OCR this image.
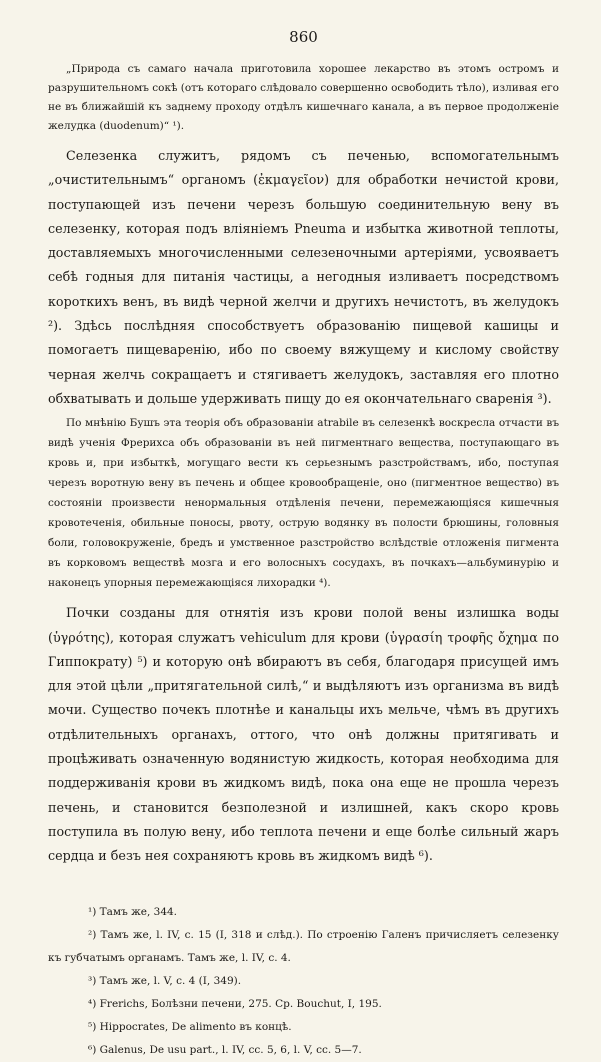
860

„Природа съ самаго начала приготовила хорошее лекарство въ этомъ остромъ и разрушительномъ сокѣ (отъ котораго слѣдовало совершенно освободить тѣло), изливая его не въ ближайшій къ заднему проходу отдѣлъ кишечнаго канала, а въ первое продолженіе желудка (duodenum)“ ¹).

Селезенка служитъ, рядомъ съ печенью, вспомогательнымъ „очистительнымъ“ органомъ (ἐκμαγεῖον) для обработки нечистой крови, поступающей изъ печени черезъ большую соединительную вену въ селезенку, которая подъ вліяніемъ Pneuma и избытка животной теплоты, доставляемыхъ многочисленными селезеночными артеріями, усвояваетъ себѣ годныя для питанія частицы, а негодныя изливаетъ посредствомъ короткихъ венъ, въ видѣ черной желчи и другихъ нечистотъ, въ желудокъ ²). Здѣсь послѣдняя способствуетъ образованію пищевой кашицы и помогаетъ пищеваренію, ибо по своему вяжущему и кислому свойству черная желчь сокращаетъ и стягиваетъ желудокъ, заставляя его плотно обхватывать и дольше удерживать пищу до ея окончательнаго сваренія ³).

По мнѣнію Бушъ эта теорія объ образованіи atrabile въ селезенкѣ воскресла отчасти въ видѣ ученія Фрерихса объ образованіи въ ней пигментнаго вещества, поступающаго въ кровь и, при избыткѣ, могущаго вести къ серьезнымъ разстройствамъ, ибо, поступая черезъ воротную вену въ печень и общее кровообращеніе, оно (пигментное вещество) въ состояніи произвести ненормальныя отдѣленія печени, перемежающіяся кишечныя кровотеченія, обильные поносы, рвоту, острую водянку въ полости брюшины, головныя боли, головокруженіе, бредъ и умственное разстройство вслѣдствіе отложенія пигмента въ корковомъ веществѣ мозга и его волосныхъ сосудахъ, въ почкахъ—альбуминурію и наконецъ упорныя перемежающіяся лихорадки ⁴).

Почки созданы для отнятія изъ крови полой вены излишка воды (ὑγρότης), которая служатъ vehiculum для крови (ὑγρασίη τροφῆς ὄχημα по Гиппократу) ⁵) и которую онѣ вбираютъ въ себя, благодаря присущей имъ для этой цѣли „притягательной силѣ,“ и выдѣляютъ изъ организма въ видѣ мочи. Существо почекъ плотнѣе и канальцы ихъ мельче, чѣмъ въ другихъ отдѣлительныхъ органахъ, оттого, что онѣ должны притягивать и процѣживать означенную водянистую жидкость, которая необходима для поддерживанія крови въ жидкомъ видѣ, пока она еще не прошла черезъ печень, и становится безполезной и излишней, какъ скоро кровь поступила въ полую вену, ибо теплота печени и еще болѣе сильный жаръ сердца и безъ нея сохраняютъ кровь въ жидкомъ видѣ ⁶).

¹) Тамъ же, 344.
²) Тамъ же, l. IV, c. 15 (I, 318 и слѣд.). По строенію Галенъ причисляетъ селезенку къ губчатымъ органамъ. Тамъ же, l. IV, c. 4.
³) Тамъ же, l. V, c. 4 (I, 349).
⁴) Frerichs, Болѣзни печени, 275. Ср. Bouchut, I, 195.
⁵) Hippocrates, De alimento въ концѣ.
⁶) Galenus, De usu part., l. IV, cc. 5, 6, l. V, cc. 5—7.
